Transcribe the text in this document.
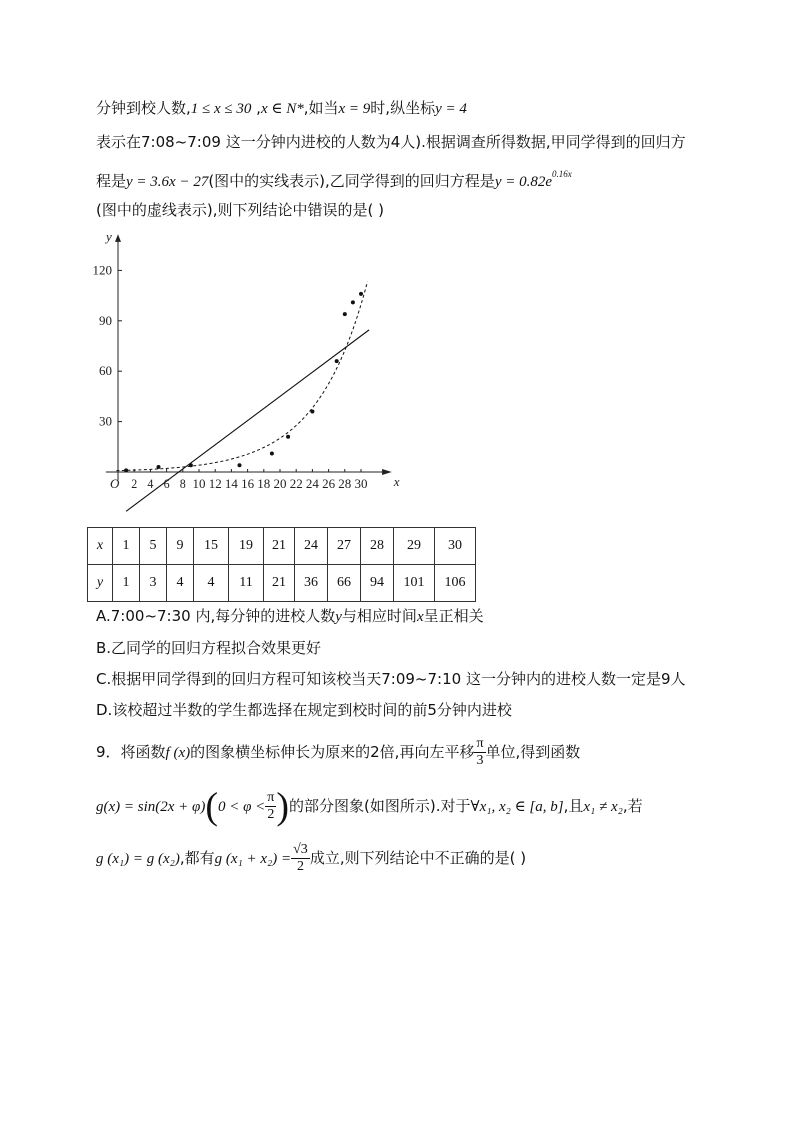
分钟到校人数,1 ≤ x ≤ 30 ,x ∈ N*,如当x = 9时,纵坐标y = 4
表示在7:08~7:09 这一分钟内进校的人数为4人).根据调查所得数据,甲同学得到的回归方
程是y = 3.6x − 27(图中的实线表示),乙同学得到的回归方程是$y = 0.82e^{0.16x}$
(图中的虚线表示),则下列结论中错误的是( )
x
y
O
30
60
90
120
2 4 6 8 10 12 14 16 18 20 22 24 26 28 30
x	1	5	9	15	19	21	24	27	28	29	30
y	1	3	4	4	11	21	36	66	94	101	106
A.7:00~7:30 内,每分钟的进校人数y与相应时间x呈正相关
B.乙同学的回归方程拟合效果更好
C.根据甲同学得到的回归方程可知该校当天7:09~7:10 这一分钟内的进校人数一定是9人
D.该校超过半数的学生都选择在规定到校时间的前5分钟内进校
9．将函数f (x)的图象横坐标伸长为原来的2倍,再向左平移 $\frac{\pi}{3}$ 单位,得到函数
$g(x) = \sin(2x + \varphi)(0 < \varphi < \frac{\pi}{2}$ )的部分图象(如图所示).对于∀x₁, x₂ ∈ [a, b],且x₁ ≠ x₂,若
g (x₁) = g (x₂),都有g $(x_1 + x_2) = \frac{√3}{2}$ 成立,则下列结论中不正确的是( )
